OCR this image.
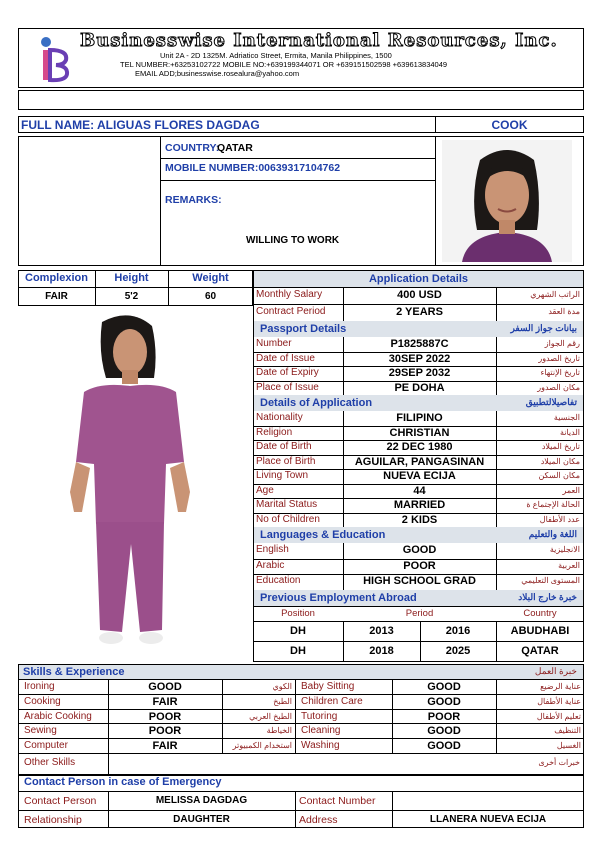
Businesswise International Resources, Inc.
Unit 2A - 2D 1325M. Adriatico Street, Ermita, Manila Philippines, 1500
TEL NUMBER:+63253102722 MOBILE NO:+639199344071 OR +639151502598 +639613834049
EMAIL ADD;businesswise.rosealura@yahoo.com
FULL NAME: ALIGUAS FLORES DAGDAG	COOK
COUNTRY:
QATAR
MOBILE NUMBER:00639317104762
REMARKS:
WILLING TO WORK
Complexion	Height	Weight
FAIR	5'2	60
Application Details
Monthly Salary	400 USD	الراتب الشهري
Contract Period	2 YEARS	مدة العقد
Passport Details	بيانات جواز السفر
Number	P1825887C	رقم الجواز
Date of Issue	30SEP 2022	تاريخ الصدور
Date of Expiry	29SEP 2032	تاريخ الإنتهاء
Place of Issue	PE DOHA	مكان الصدور
Details of Application	تفاصيلالتطبيق
Nationality	FILIPINO	الجنسية
Religion	CHRISTIAN	الديانة
Date of Birth	22 DEC 1980	تاريخ الميلاد
Place of Birth	AGUILAR, PANGASINAN	مكان الميلاد
Living Town	NUEVA ECIJA	مكان السكن
Age	44	العمر
Marital Status	MARRIED	الحالة الإجتماع ة
No of Children	2 KIDS	عدد الأطفال
Languages & Education	اللغة والتعليم
English	GOOD	الانجليزية
Arabic	POOR	العربية
Education	HIGH SCHOOL GRAD	المستوى التعليمي
Previous Employment Abroad	خبرة خارج البلاد
Position	Period	Country
DH	2013	2016	ABUDHABI
DH	2018	2025	QATAR
Skills & Experience	خبرة العمل
Ironing	GOOD	الكوي Baby Sitting	GOOD	عناية الرضيع
Cooking	FAIR	الطبخ Children Care	GOOD	عناية الأطفال
Arabic Cooking	POOR	الطبخ العربي Tutoring	POOR	تعليم الأطفال
Sewing	POOR	الخياطة Cleaning	GOOD	التنظيف
Computer	FAIR	استخدام الكمبيوتر Washing	GOOD	الغسيل
Other Skills	خبرات أخرى
Contact Person in case of Emergency
Contact Person	MELISSA DAGDAG	Contact Number
Relationship	DAUGHTER	Address	LLANERA NUEVA ECIJA
